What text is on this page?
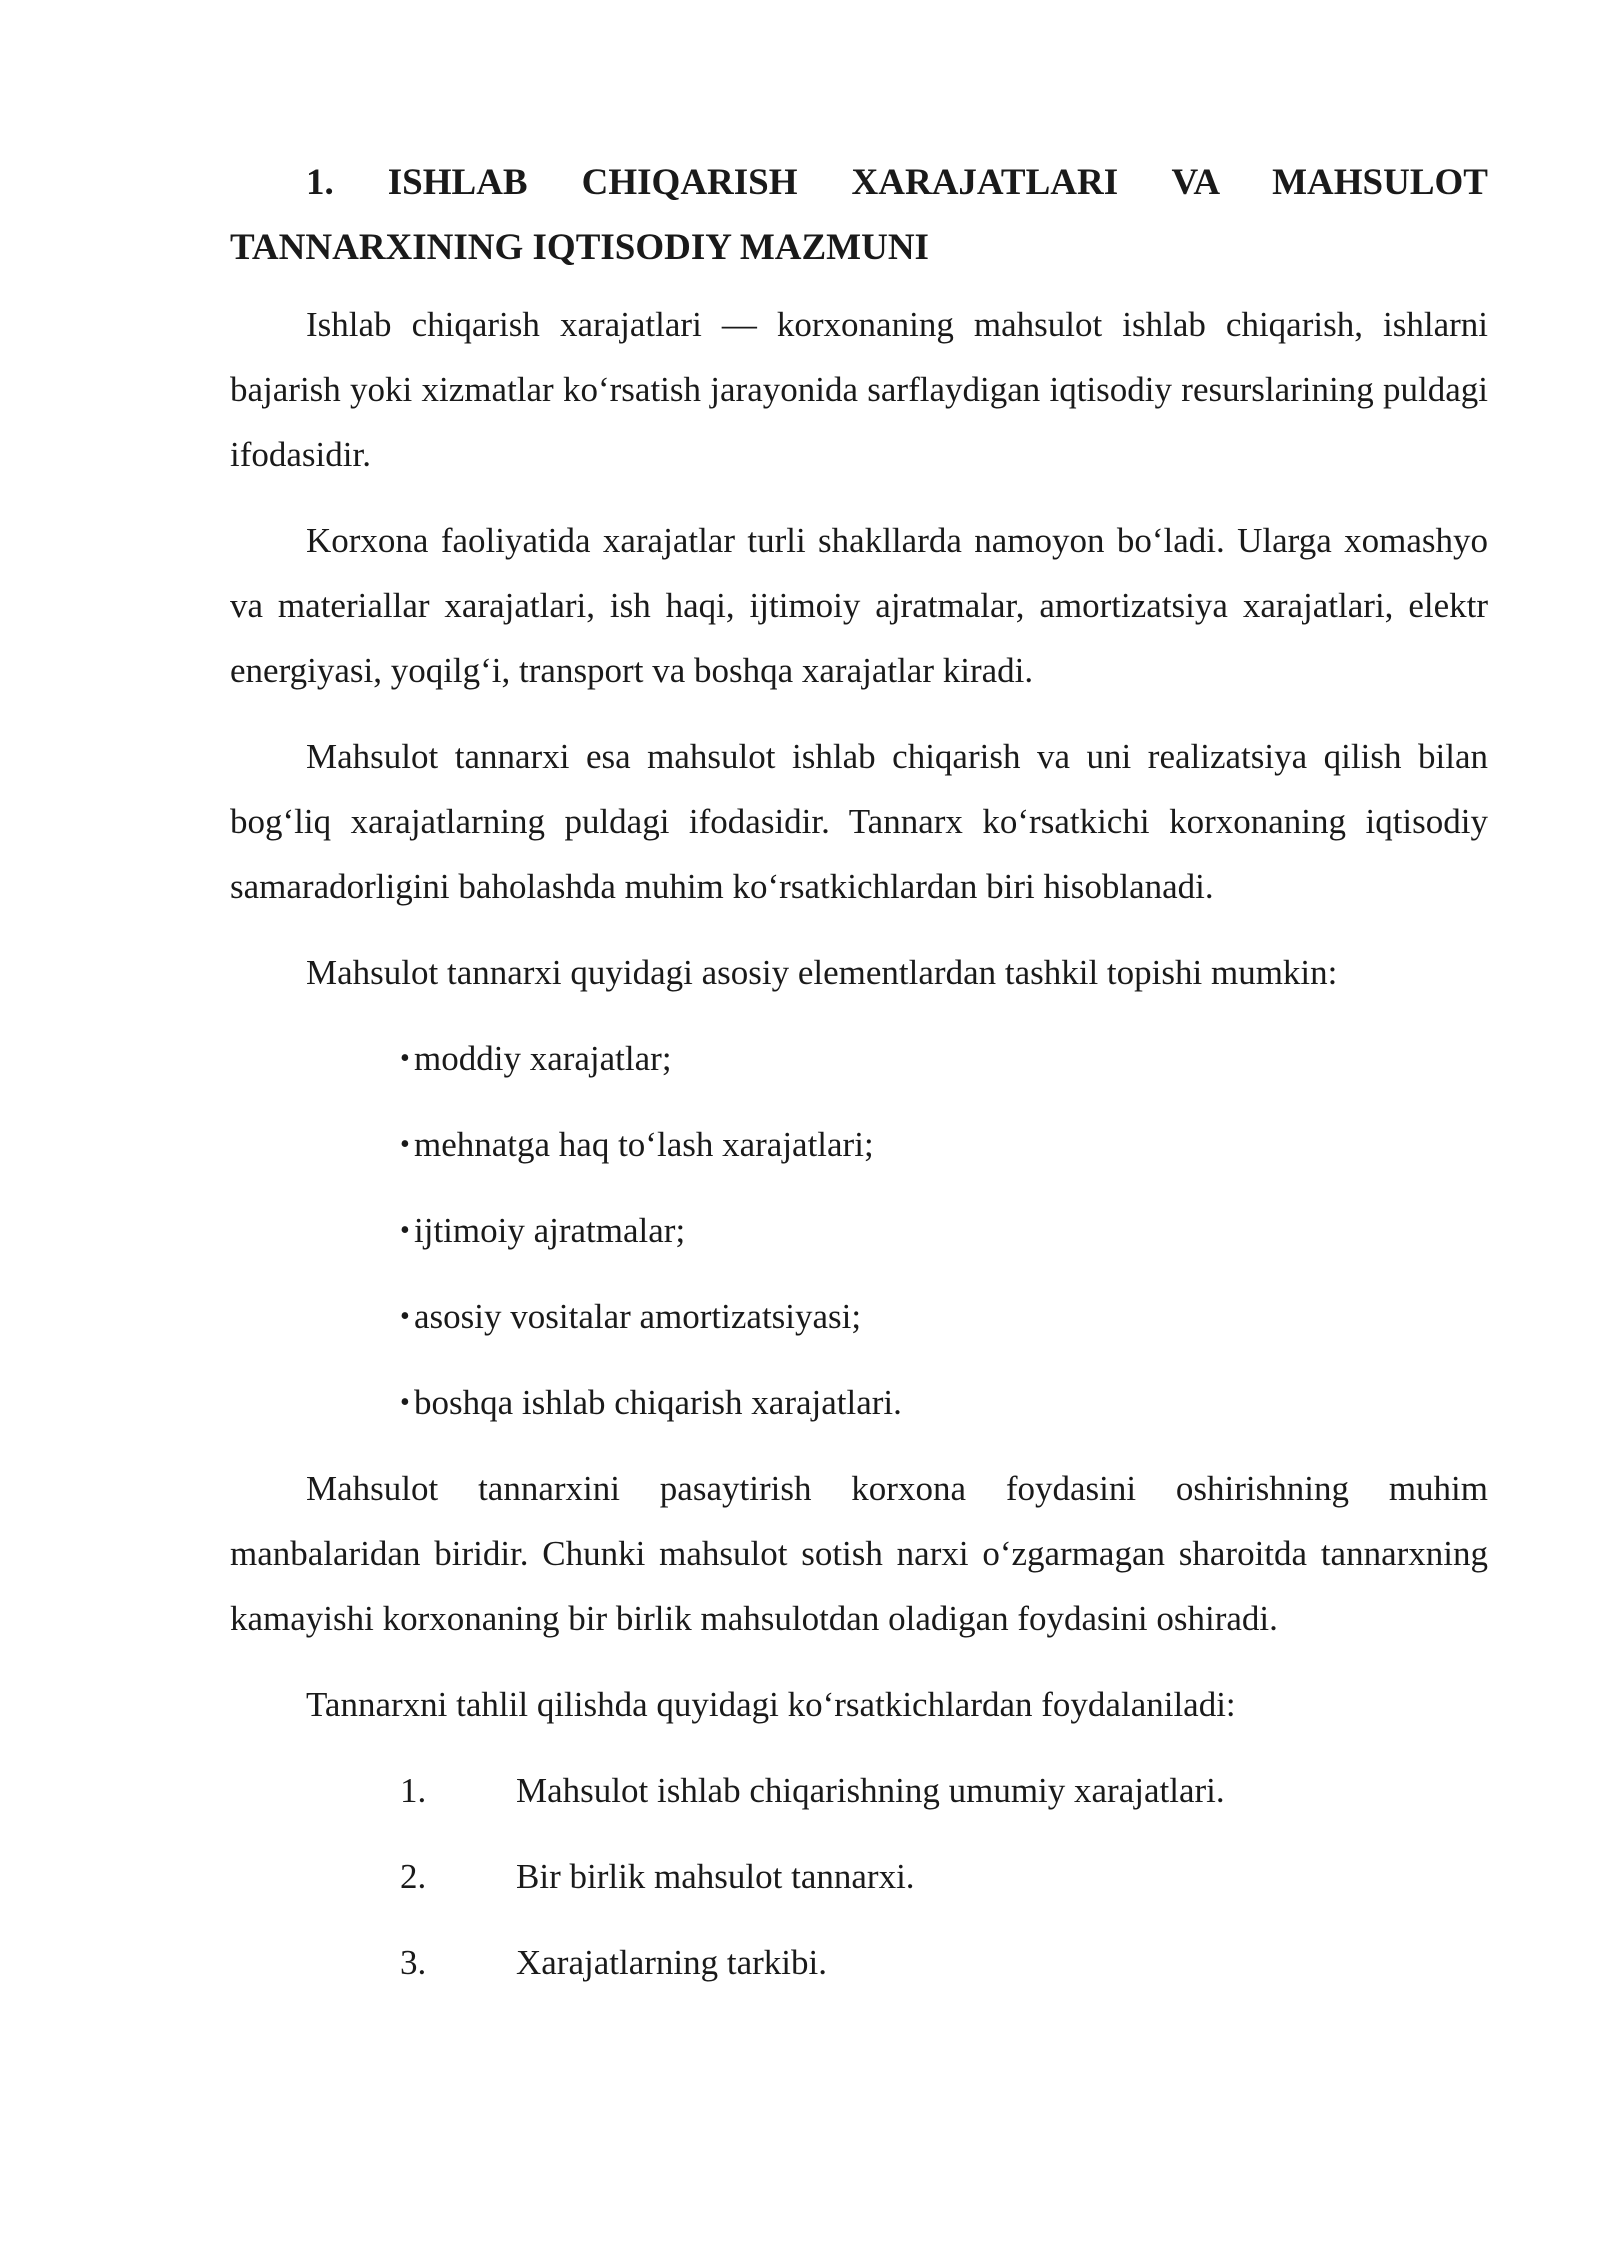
1. ISHLAB CHIQARISH XARAJATLARI VA MAHSULOT
TANNARXINING IQTISODIY MAZMUNI

Ishlab chiqarish xarajatlari — korxonaning mahsulot ishlab chiqarish, ishlarni bajarish yoki xizmatlar ko‘rsatish jarayonida sarflaydigan iqtisodiy resurslarining puldagi ifodasidir.

Korxona faoliyatida xarajatlar turli shakllarda namoyon bo‘ladi. Ularga xomashyo va materiallar xarajatlari, ish haqi, ijtimoiy ajratmalar, amortizatsiya xarajatlari, elektr energiyasi, yoqilg‘i, transport va boshqa xarajatlar kiradi.

Mahsulot tannarxi esa mahsulot ishlab chiqarish va uni realizatsiya qilish bilan bog‘liq xarajatlarning puldagi ifodasidir. Tannarx ko‘rsatkichi korxonaning iqtisodiy samaradorligini baholashda muhim ko‘rsatkichlardan biri hisoblanadi.

Mahsulot tannarxi quyidagi asosiy elementlardan tashkil topishi mumkin:

• moddiy xarajatlar;
• mehnatga haq to‘lash xarajatlari;
• ijtimoiy ajratmalar;
• asosiy vositalar amortizatsiyasi;
• boshqa ishlab chiqarish xarajatlari.

Mahsulot tannarxini pasaytirish korxona foydasini oshirishning muhim manbalaridan biridir. Chunki mahsulot sotish narxi o‘zgarmagan sharoitda tannarxning kamayishi korxonaning bir birlik mahsulotdan oladigan foydasini oshiradi.

Tannarxni tahlil qilishda quyidagi ko‘rsatkichlardan foydalaniladi:

1.	Mahsulot ishlab chiqarishning umumiy xarajatlari.
2.	Bir birlik mahsulot tannarxi.
3.	Xarajatlarning tarkibi.
